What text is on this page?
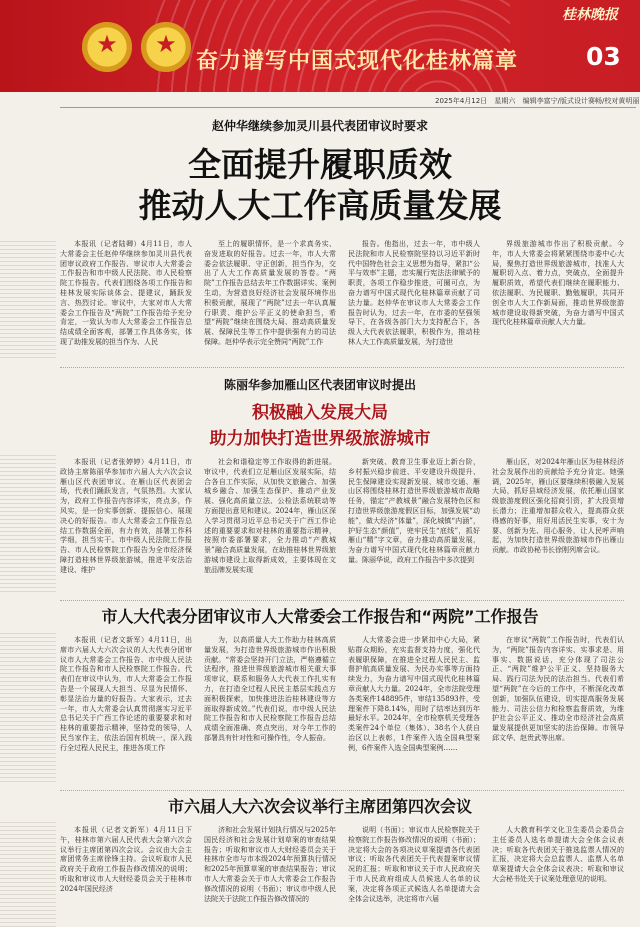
★
★
奋力谱写中国式现代化桂林篇章	03
桂林晚报
2025年4月12日 星期六 编辑李富宁/版式设计赛畅/校对黄明丽
赵仲华继续参加灵川县代表团审议时要求
全面提升履职质效
推动人大工作高质量发展

本报讯（记者陆卿）4月11日，市人大常委会主任赵仲华继续参加灵川县代表团审议政府工作报告、审议市人大常委会工作报告和市中级人民法院、市人民检察院工作报告。代表们围绕各项工作报告和桂林发展实际谈体会、提建议，踊跃发言、热烈讨论。审议中，大家对市人大常委会工作报告及“两院”工作报告给予充分肯定，一致认为市人大常委会工作报告总结成绩全面客观，部署工作具体务实，体现了助推发展的担当作为、人民

至上的履职情怀，是一个求真务实、奋发进取的好报告。过去一年，市人大常委会依法履职、守正创新，担当作为，交出了人大工作高质量发展的答卷。“两院”工作报告总结去年工作数据详实、案例生动，为营造良好经济社会发展环境作出积极贡献，展现了“两院”过去一年认真履行职责、维护公平正义的使命担当，希望“两院”继续在围绕大局、推动高质量发展、保障民生等工作中提供强有力的司法保障。赵仲华表示完全赞同“两院”工作

报告。他指出，过去一年，市中级人民法院和市人民检察院坚持以习近平新时代中国特色社会主义思想为指导，紧扣“公平与效率”主题，忠实履行宪法法律赋予的职责，各项工作稳步推进，可圈可点，为奋力谱写中国式现代化桂林篇章贡献了司法力量。赵仲华在审议市人大常委会工作报告时认为，过去一年，在市委的坚强领导下，在各级各部门大力支持配合下，各级人大代表依法履职，积极作为，推动桂林人大工作高质量发展，为打造世

界级旅游城市作出了积极贡献。今年，市人大常委会将紧紧围绕市委中心大局，聚焦打造世界级旅游城市，找准人大履职切入点、着力点，突破点，全面提升履职质效，希望代表们继续在履职能力、依法履职、为民履职、勤勉履职，共同开创全市人大工作新局面，推动世界级旅游城市建设取得新突破，为奋力谱写中国式现代化桂林篇章贡献人大力量。

陈丽华参加雁山区代表团审议时提出
积极融入发展大局
助力加快打造世界级旅游城市

本报讯（记者张婷婷）4月11日，市政协主席陈丽华参加市六届人大六次会议雁山区代表团审议。在雁山区代表团会场，代表们踊跃发言，气氛热烈。大家认为，政府工作报告内容详实，亮点多，作风实，是一份实事创新、提振信心、展现决心的好报告。市人大常委会工作报告总结工作数据全面，有力有效，部署工作科学细，担当实干。市中级人民法院工作报告、市人民检察院工作报告为全市经济保障打造桂林世界级旅游城，推进平安法治建设、维护

社会和谐稳定等工作取得的新进展。审议中，代表们立足雁山区发展实际，结合各自工作实际，从加快文旅融合、加强城乡融合、加强生态保护、推动产业发展、强化高质量立法、公检法系统联动等方面提出意见和建议。2024年，雁山区深入学习贯彻习近平总书记关于广西工作论述的重要要求和对桂林的重要指示精神，按照市委部署要求，全力推动“产教城景”融合高质量发展，在助推桂林世界级旅游城市建设上取得新成效，主要体现在文旅品牌发展实现

新突破、教育卫生事业迈上新台阶，乡村振兴稳步前进、平安建设升级提升、民生保障建设实现新发展、城市交通、雁山区将围绕桂林打造世界级旅游城市战略任务，锚定“产教城景”融合发展特色区和打造世界级旅游度假区目标，加强发展“动能”，做大经济“体量”，深化城镇“内涵”，护好生态“颜值”，兜牢民生“底线”，抓好雁山“精”字文章，奋力推动高质量发展，为奋力谱写中国式现代化桂林篇章贡献力量。陈丽华说，政府工作报告中多次提到

雁山区，对2024年雁山区为桂林经济社会发展作出的贡献给予充分肯定。她强调，2025年，雁山区要继续积极融入发展大局，抓好县域经济发展，依托雁山国家级旅游度假区强化招商引资，扩大投资增长潜力；注重增加群众收入，提高群众获得感的好事，用好用活民生实事，安十为要、创新为先、用心服务，让人民呼声响起，为加快打造世界级旅游城市作出雁山贡献。市政协秘书长徐刚列席会议。

市人大代表分团审议市人大常委会工作报告和“两院”工作报告

本报讯（记者文新军）4月11日，出席市六届人大六次会议的人大代表分团审议市人大常委会工作报告、市中级人民法院工作报告和市人民检察院工作报告。代表们在审议中认为，市人大常委会工作报告是一个展现人大担当、尽显为民情怀、彰显法治力量的好报告。大家表示，过去一年，市人大常委会认真贯彻落实习近平总书记关于广西工作论述的重要要求和对桂林的重要指示精神，坚持党的领导，人民当家作主，依法治国有机统一，深入践行全过程人民民主，推进各项工作

为，以高质量人大工作助力桂林高质量发展，为打造世界级旅游城市作出积极贡献。“常委会坚持开门立法，严格遵循立法程序，推进世界级旅游城市相关重大事项审议，联系和服务人大代表工作扎实有力，在打造全过程人民民主基层实践点方面积极探索，加快推进法治桂林建设等方面取得新成效。”代表们说，市中级人民法院工作报告和市人民检察院工作报告总结成绩全面准确、亮点突出，对今年工作的部署具有针对性和可操作性，令人振奋。

人大常委会进一步紧扣中心大局，紧贴群众期盼，充实监督支持力度，强化代表履职保障，在推进全过程人民民主、监督护航高质量发展、为民办实事等方面持续发力，为奋力谱写中国式现代化桂林篇章贡献人大力量。2024年，全市法院受理各类案件148895件，审结135893件，受理案件下降8.14%，用时了结率达到历年最好水平。2024年，全市检察机关受理各类案件24个单位（集体）、38名个人获自治区以上表彰，1件案件入选全国典型案例，6件案件入选全国典型案例……

在审议“两院”工作报告时，代表们认为，“两院”报告内容详实、实事求是、用事实、数据说话，充分体现了司法公正、“两院”维护公平正义、坚持服务大局、践行司法为民的法治担当。代表们希望“两院”在今后的工作中，不断深化改革创新，加强队伍建设，切实提高服务发展能力、司法公信力和检察监督质效，为维护社会公平正义、推动全市经济社会高质量发展提供更加坚实的法治保障。市领导邱文华、赵贵武等出席。

市六届人大六次会议举行主席团第四次会议

本报讯（记者文新军）4月11日下午，桂林市第六届人民代表大会第六次会议举行主席团第四次会议。会议由大会主席团常务主席徐锋主持。会议听取市人民政府关于政府工作报告修改情况的说明；听取和审议市人大财经委员会关于桂林市2024年国民经济

济和社会发展计划执行情况与2025年国民经济和社会发展计划草案的审查结果报告；听取和审议市人大财经委员会关于桂林市全市与市本级2024年预算执行情况和2025年预算草案的审查结果报告；审议市人大常委会关于市人大常委会工作报告修改情况的说明（书面）；审议市中级人民法院关于法院工作报告修改情况的

说明（书面）；审议市人民检察院关于检察院工作报告修改情况的说明（书面）；决定将大会的各项决议草案提请各代表团审议；听取各代表团关于代表提案审议情况的汇报；听取和审议关于市人民政府关于市人民政府组成人员候选人名单的议案，决定将各项正式候选人名单提请大会全体会议选举，决定将市六届

人大教育科学文化卫生委员会委员会主任委员人选名单提请大会全体会议表决；听取各代表团关于推选监票人情况的汇报，决定将大会总监票人、监票人名单草案提请大会全体会议表决；听取和审议大会秘书处关于议案处理意见的说明。
